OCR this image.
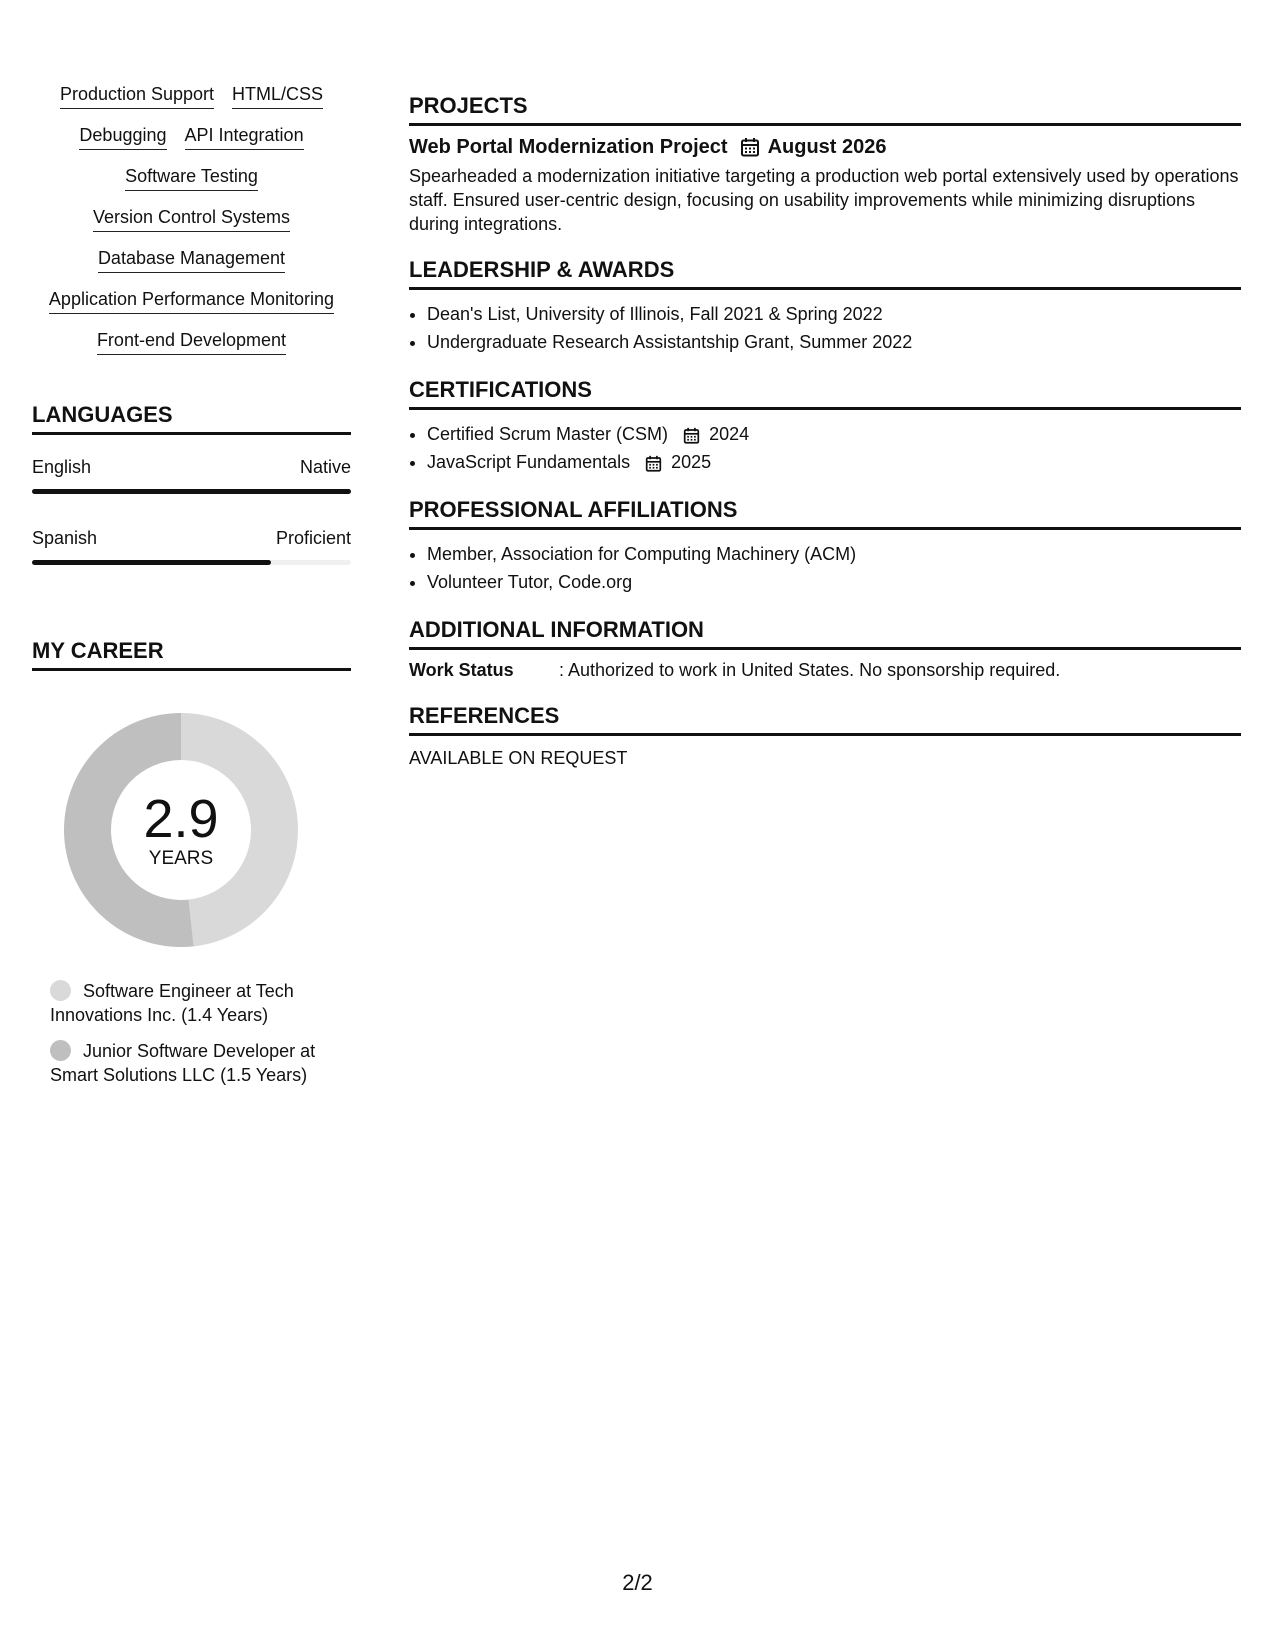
Production Support HTML/CSS
Debugging API Integration
Software Testing
Version Control Systems
Database Management
Application Performance Monitoring
Front-end Development
LANGUAGES
English	Native
Spanish	Proficient
MY CAREER
2.9
YEARS
Software Engineer at Tech Innovations Inc. (1.4 Years)
Junior Software Developer at Smart Solutions LLC (1.5 Years)
PROJECTS
Web Portal Modernization Project August 2026
Spearheaded a modernization initiative targeting a production web portal extensively used by operations staff. Ensured user-centric design, focusing on usability improvements while minimizing disruptions during integrations.
LEADERSHIP & AWARDS
• Dean's List, University of Illinois, Fall 2021 & Spring 2022
• Undergraduate Research Assistantship Grant, Summer 2022
CERTIFICATIONS
• Certified Scrum Master (CSM) 2024
• JavaScript Fundamentals 2025
PROFESSIONAL AFFILIATIONS
• Member, Association for Computing Machinery (ACM)
• Volunteer Tutor, Code.org
ADDITIONAL INFORMATION
Work Status	: Authorized to work in United States. No sponsorship required.
REFERENCES
AVAILABLE ON REQUEST
2/2
